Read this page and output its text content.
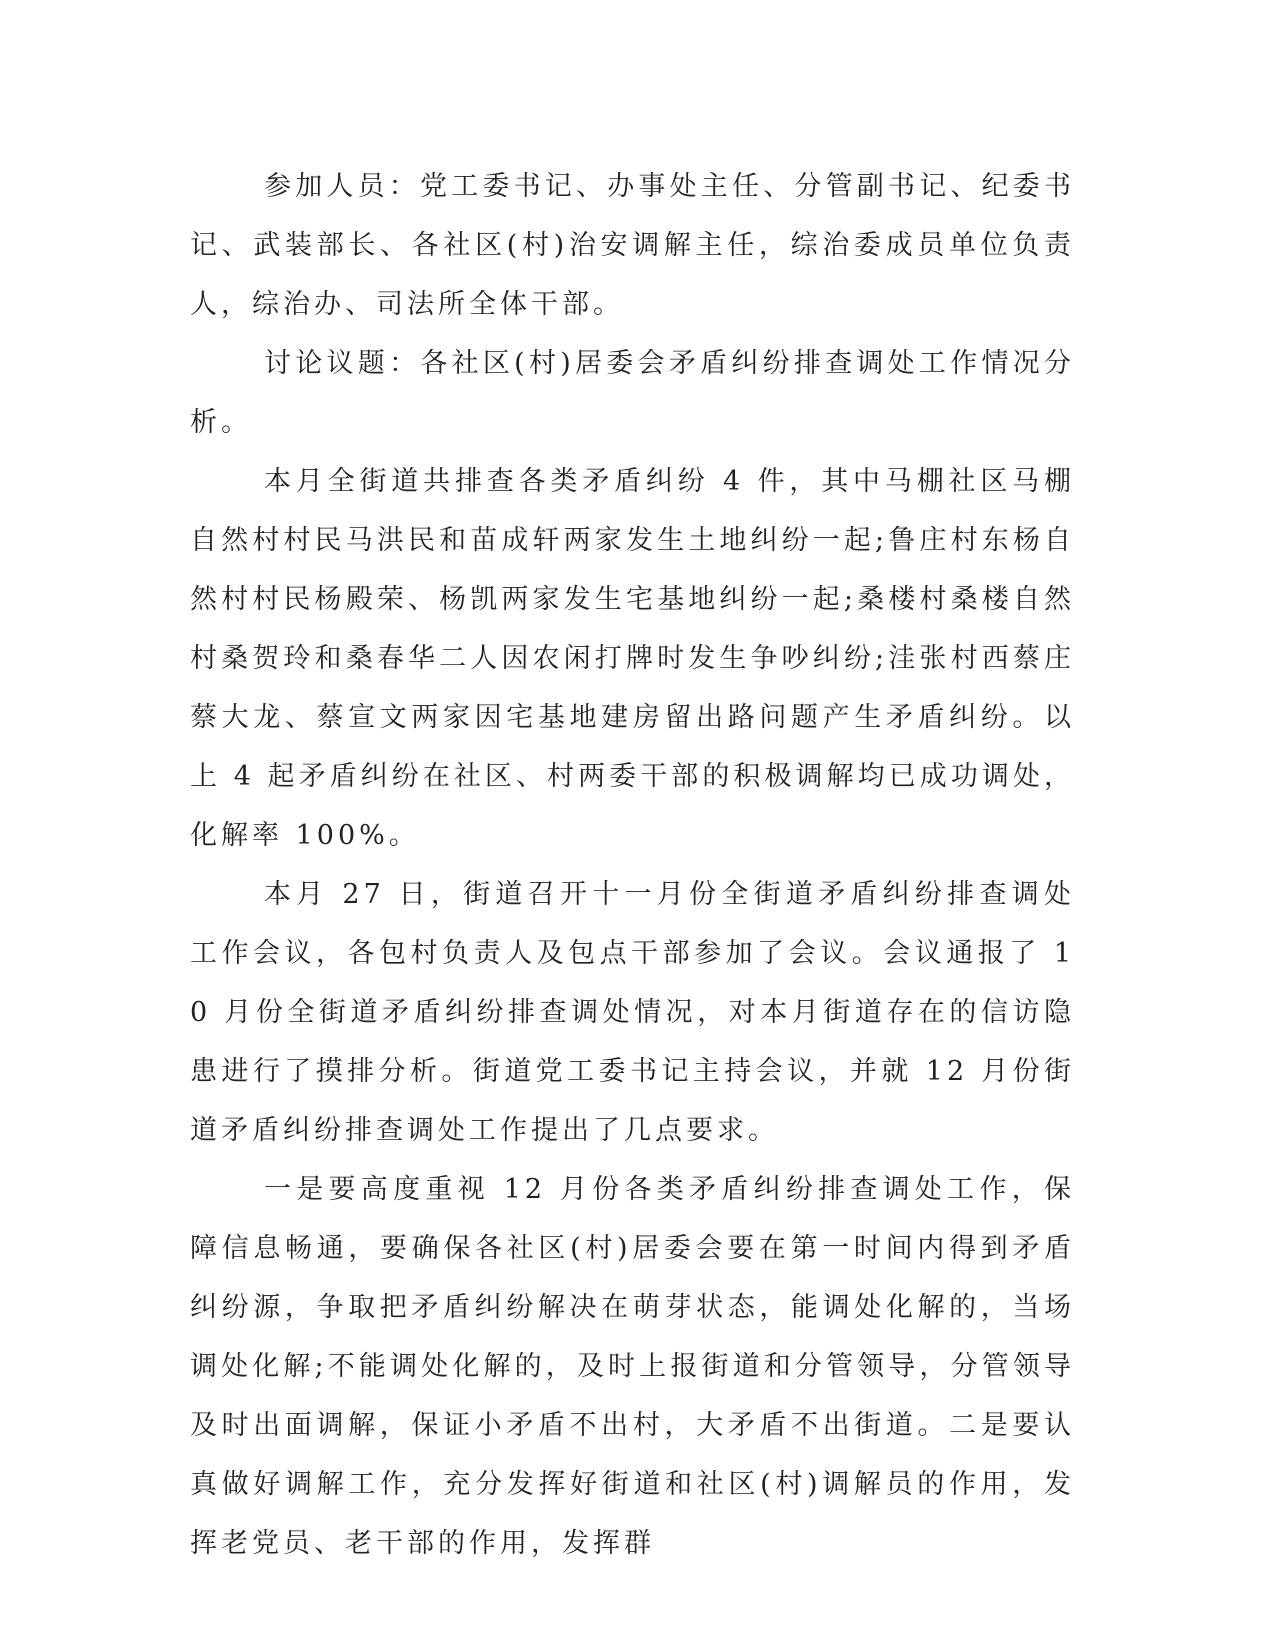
参加人员：党工委书记、办事处主任、分管副书记、纪委书记、武装部长、各社区(村)治安调解主任，综治委成员单位负责人，综治办、司法所全体干部。

讨论议题：各社区(村)居委会矛盾纠纷排查调处工作情况分析。

本月全街道共排查各类矛盾纠纷 4 件，其中马棚社区马棚自然村村民马洪民和苗成轩两家发生土地纠纷一起;鲁庄村东杨自然村村民杨殿荣、杨凯两家发生宅基地纠纷一起;桑楼村桑楼自然村桑贺玲和桑春华二人因农闲打牌时发生争吵纠纷;洼张村西蔡庄蔡大龙、蔡宣文两家因宅基地建房留出路问题产生矛盾纠纷。以上 4 起矛盾纠纷在社区、村两委干部的积极调解均已成功调处，化解率 100%。

本月 27 日，街道召开十一月份全街道矛盾纠纷排查调处工作会议，各包村负责人及包点干部参加了会议。会议通报了 10 月份全街道矛盾纠纷排查调处情况，对本月街道存在的信访隐患进行了摸排分析。街道党工委书记主持会议，并就 12 月份街道矛盾纠纷排查调处工作提出了几点要求。

一是要高度重视 12 月份各类矛盾纠纷排查调处工作，保障信息畅通，要确保各社区(村)居委会要在第一时间内得到矛盾纠纷源，争取把矛盾纠纷解决在萌芽状态，能调处化解的，当场调处化解;不能调处化解的，及时上报街道和分管领导，分管领导及时出面调解，保证小矛盾不出村，大矛盾不出街道。二是要认真做好调解工作，充分发挥好街道和社区(村)调解员的作用，发挥老党员、老干部的作用，发挥群
